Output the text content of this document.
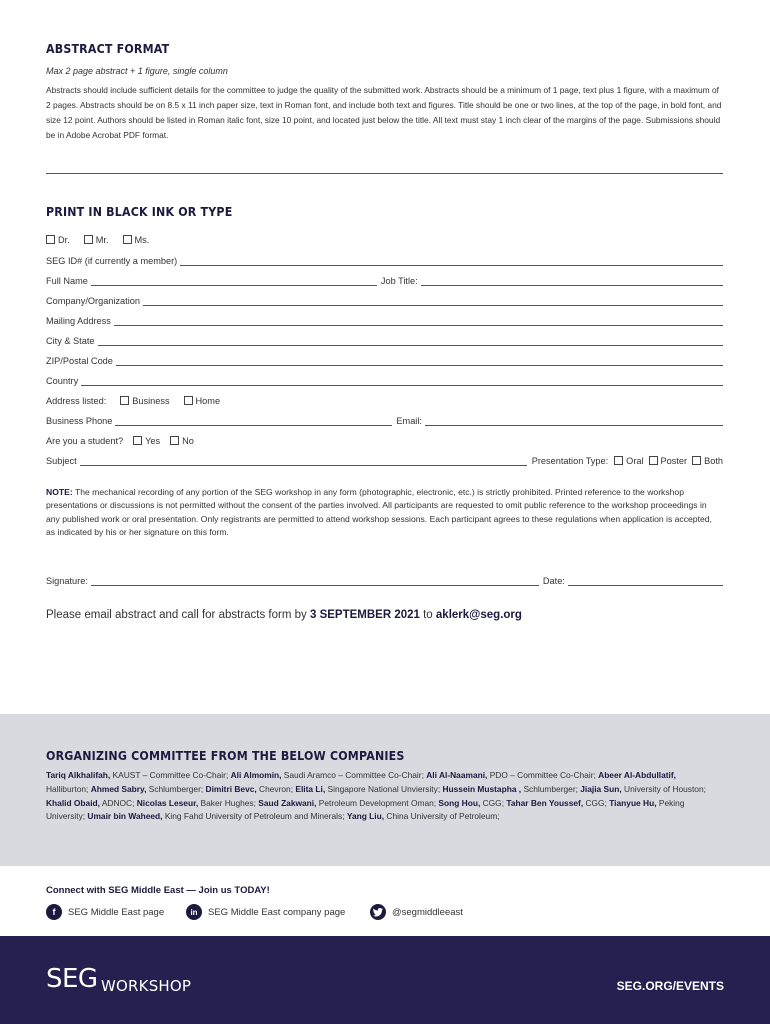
ABSTRACT FORMAT
Max 2 page abstract + 1 figure, single column
Abstracts should include sufficient details for the committee to judge the quality of the submitted work. Abstracts should be a minimum of 1 page, text plus 1 figure, with a maximum of 2 pages. Abstracts should be on 8.5 x 11 inch paper size, text in Roman font, and include both text and figures. Title should be one or two lines, at the top of the page, in bold font, and size 12 point. Authors should be listed in Roman italic font, size 10 point, and located just below the title. All text must stay 1 inch clear of the margins of the page. Submissions should be in Adobe Acrobat PDF format.
PRINT IN BLACK INK OR TYPE
Dr.	Mr.	Ms.
SEG ID# (if currently a member)
Full Name	Job Title:
Company/Organization
Mailing Address
City & State
ZIP/Postal Code
Country
Address listed:	Business	Home
Business Phone	Email:
Are you a student?	Yes	No
Subject	Presentation Type:	Oral	Poster	Both
NOTE: The mechanical recording of any portion of the SEG workshop in any form (photographic, electronic, etc.) is strictly prohibited. Printed reference to the workshop presentations or discussions is not permitted without the consent of the parties involved. All participants are requested to omit public reference to the workshop proceedings in any published work or oral presentation. Only registrants are permitted to attend workshop sessions. Each participant agrees to these regulations when application is accepted, as indicated by his or her signature on this form.
Signature:	Date:
Please email abstract and call for abstracts form by 3 SEPTEMBER 2021 to aklerk@seg.org
ORGANIZING COMMITTEE FROM THE BELOW COMPANIES
Tariq Alkhalifah, KAUST – Committee Co-Chair; Ali Almomin, Saudi Aramco – Committee Co-Chair; Ali Al-Naamani, PDO – Committee Co-Chair; Abeer Al-Abdullatif, Halliburton; Ahmed Sabry, Schlumberger; Dimitri Bevc, Chevron; Elita Li, Singapore National Unviersity; Hussein Mustapha , Schlumberger; Jiajia Sun, University of Houston; Khalid Obaid, ADNOC; Nicolas Leseur, Baker Hughes; Saud Zakwani, Petroleum Development Oman; Song Hou, CGG; Tahar Ben Youssef, CGG; Tianyue Hu, Peking University; Umair bin Waheed, King Fahd University of Petroleum and Minerals; Yang Liu, China University of Petroleum;
Connect with SEG Middle East — Join us TODAY!
f	SEG Middle East page	in	SEG Middle East company page	@segmiddleeast
SEG WORKSHOP	SEG.ORG/EVENTS
